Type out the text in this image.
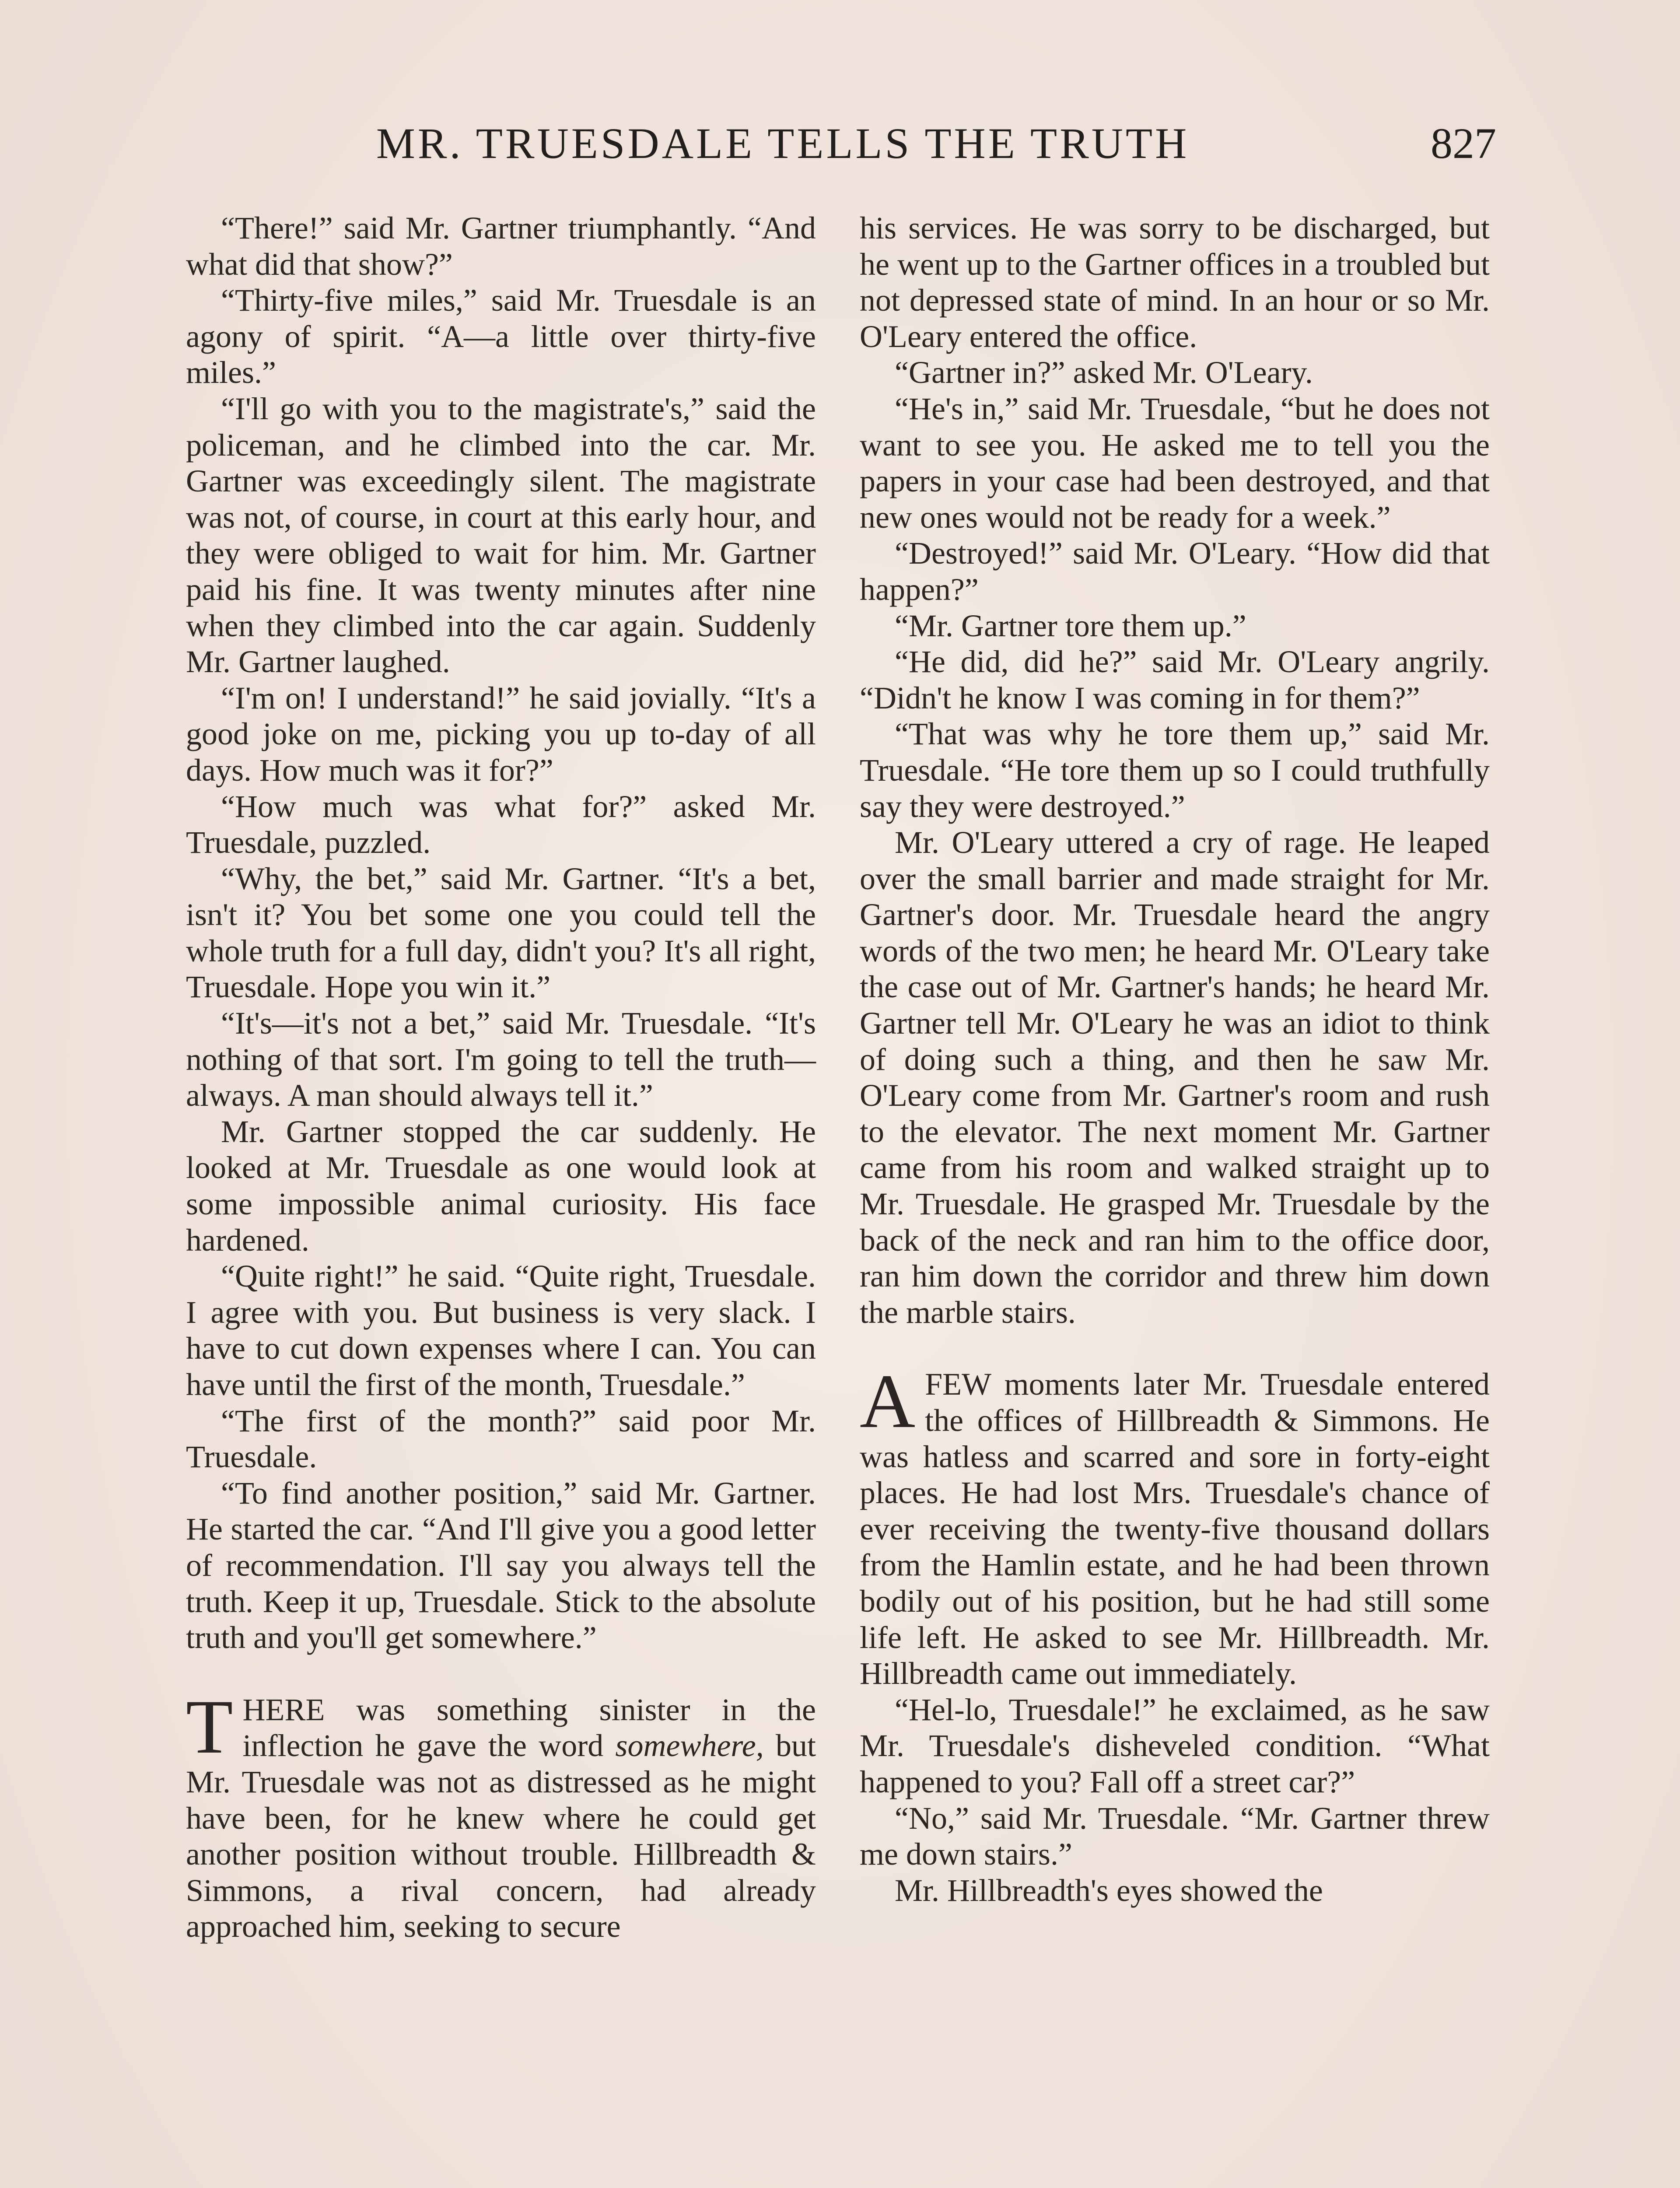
MR. TRUESDALE TELLS THE TRUTH	827

“There!” said Mr. Gartner triumphantly. “And what did that show?”

“Thirty-five miles,” said Mr. Truesdale is an agony of spirit. “A—a little over thirty-five miles.”

“I'll go with you to the magistrate's,” said the policeman, and he climbed into the car. Mr. Gartner was exceedingly silent. The magistrate was not, of course, in court at this early hour, and they were obliged to wait for him. Mr. Gartner paid his fine. It was twenty minutes after nine when they climbed into the car again. Suddenly Mr. Gartner laughed.

“I'm on! I understand!” he said jovially. “It's a good joke on me, picking you up to-day of all days. How much was it for?”

“How much was what for?” asked Mr. Truesdale, puzzled.

“Why, the bet,” said Mr. Gartner. “It's a bet, isn't it? You bet some one you could tell the whole truth for a full day, didn't you? It's all right, Truesdale. Hope you win it.”

“It's—it's not a bet,” said Mr. Truesdale. “It's nothing of that sort. I'm going to tell the truth—always. A man should always tell it.”

Mr. Gartner stopped the car suddenly. He looked at Mr. Truesdale as one would look at some impossible animal curiosity. His face hardened.

“Quite right!” he said. “Quite right, Truesdale. I agree with you. But business is very slack. I have to cut down expenses where I can. You can have until the first of the month, Truesdale.”

“The first of the month?” said poor Mr. Truesdale.

“To find another position,” said Mr. Gartner. He started the car. “And I'll give you a good letter of recommendation. I'll say you always tell the truth. Keep it up, Truesdale. Stick to the absolute truth and you'll get somewhere.”

THERE was something sinister in the inflection he gave the word somewhere, but Mr. Truesdale was not as distressed as he might have been, for he knew where he could get another position without trouble. Hillbreadth & Simmons, a rival concern, had already approached him, seeking to secure

his services. He was sorry to be discharged, but he went up to the Gartner offices in a troubled but not depressed state of mind. In an hour or so Mr. O'Leary entered the office.

“Gartner in?” asked Mr. O'Leary.

“He's in,” said Mr. Truesdale, “but he does not want to see you. He asked me to tell you the papers in your case had been destroyed, and that new ones would not be ready for a week.”

“Destroyed!” said Mr. O'Leary. “How did that happen?”

“Mr. Gartner tore them up.”

“He did, did he?” said Mr. O'Leary angrily. “Didn't he know I was coming in for them?”

“That was why he tore them up,” said Mr. Truesdale. “He tore them up so I could truthfully say they were destroyed.”

Mr. O'Leary uttered a cry of rage. He leaped over the small barrier and made straight for Mr. Gartner's door. Mr. Truesdale heard the angry words of the two men; he heard Mr. O'Leary take the case out of Mr. Gartner's hands; he heard Mr. Gartner tell Mr. O'Leary he was an idiot to think of doing such a thing, and then he saw Mr. O'Leary come from Mr. Gartner's room and rush to the elevator. The next moment Mr. Gartner came from his room and walked straight up to Mr. Truesdale. He grasped Mr. Truesdale by the back of the neck and ran him to the office door, ran him down the corridor and threw him down the marble stairs.

AFEW moments later Mr. Truesdale entered the offices of Hillbreadth & Simmons. He was hatless and scarred and sore in forty-eight places. He had lost Mrs. Truesdale's chance of ever receiving the twenty-five thousand dollars from the Hamlin estate, and he had been thrown bodily out of his position, but he had still some life left. He asked to see Mr. Hillbreadth. Mr. Hillbreadth came out immediately.

“Hel-lo, Truesdale!” he exclaimed, as he saw Mr. Truesdale's disheveled condition. “What happened to you? Fall off a street car?”

“No,” said Mr. Truesdale. “Mr. Gartner threw me down stairs.”

Mr. Hillbreadth's eyes showed the
